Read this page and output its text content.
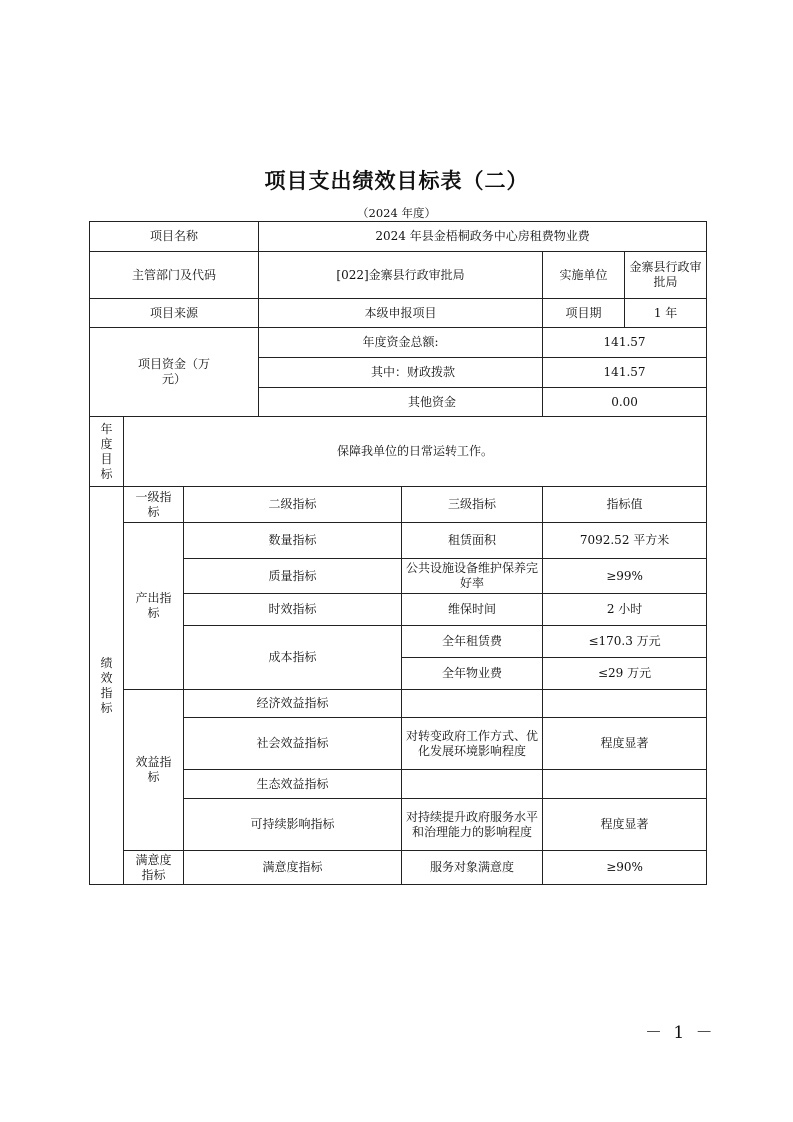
项目支出绩效目标表（二）
（2024 年度）
项目名称			2024 年县金梧桐政务中心房租费物业费			
主管部门及代码			[022]金寨县行政审批局		实施单位	金寨县行政审批局
项目来源			本级申报项目		项目期	1 年
项目资金（万元）			年度资金总额:		141.57	
			其中：财政拨款		141.57	
			其他资金		0.00	
年度目标	保障我单位的日常运转工作。					
绩效指标	一级指标	二级指标		三级指标	指标值	
	产出指标	数量指标		租赁面积	7092.52 平方米	
		质量指标		公共设施设备维护保养完好率	≥99%	
		时效指标		维保时间	2 小时	
		成本指标		全年租赁费	≤170.3 万元	
				全年物业费	≤29 万元	
	效益指标	经济效益指标				
		社会效益指标		对转变政府工作方式、优化发展环境影响程度	程度显著	
		生态效益指标				
		可持续影响指标		对持续提升政府服务水平和治理能力的影响程度	程度显著	
	满意度指标	满意度指标		服务对象满意度	≥90%	
－ 1 －
